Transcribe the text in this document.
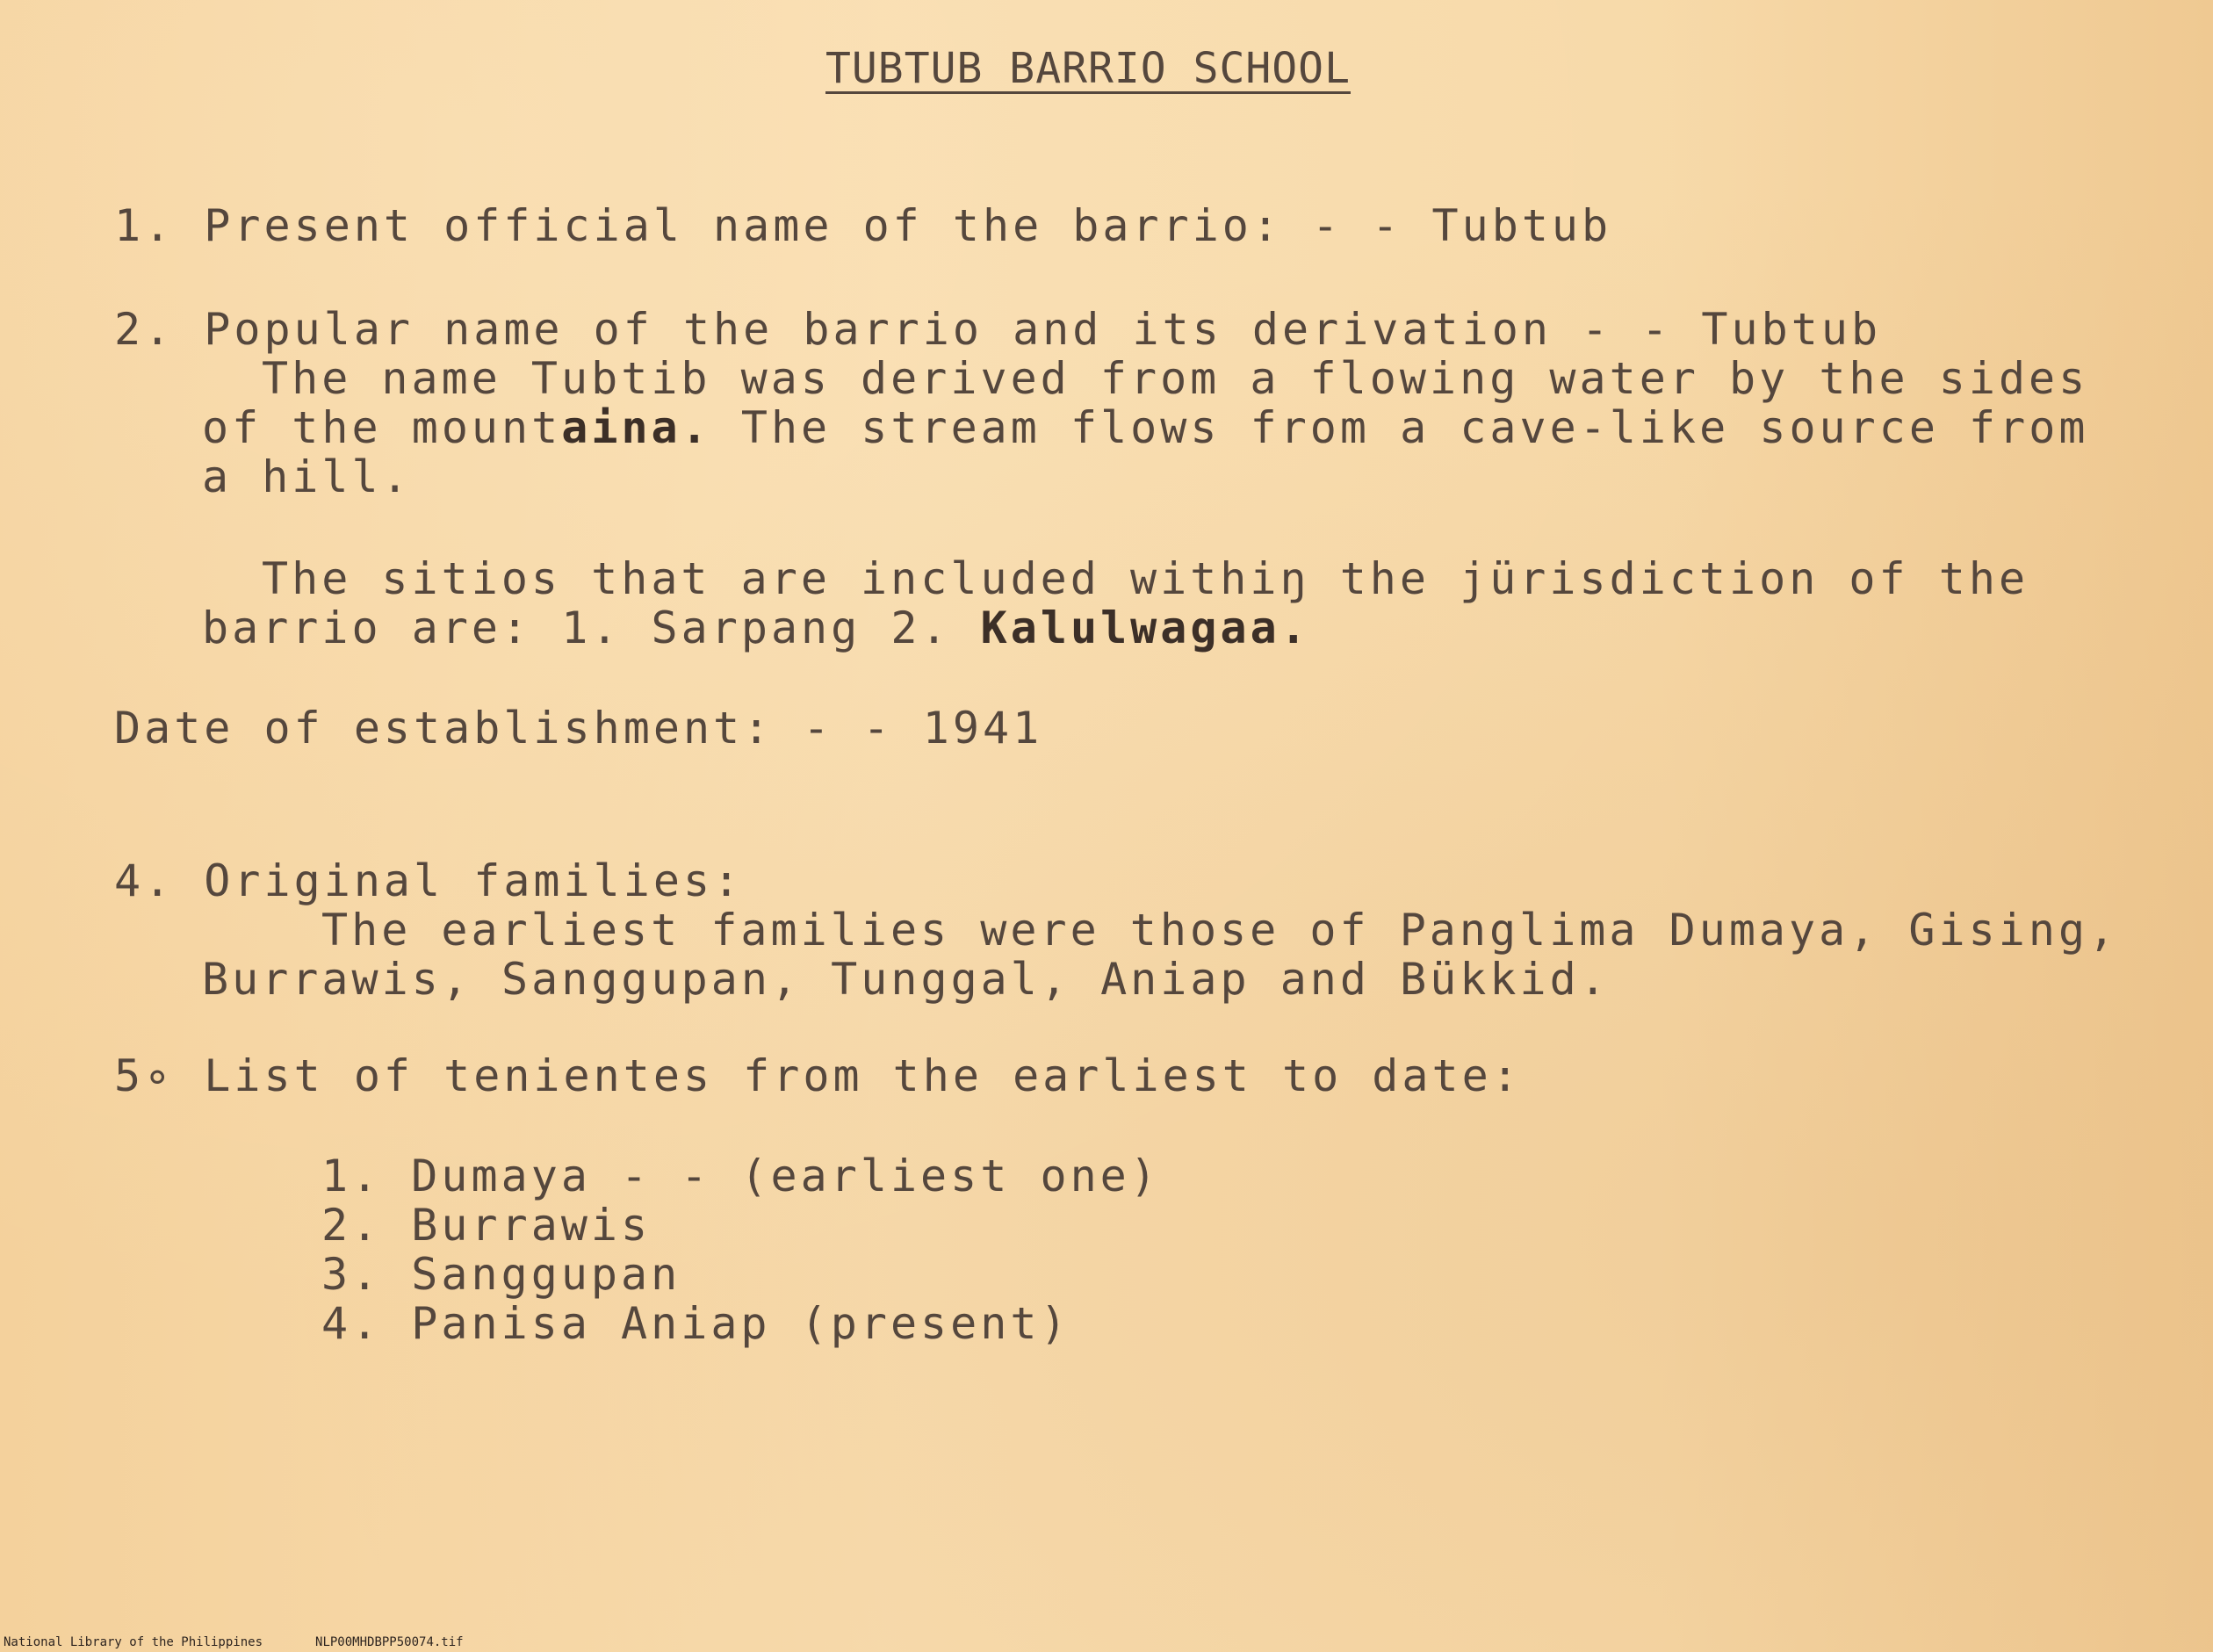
TUBTUB BARRIO SCHOOL
1. Present official name of the barrio: - - Tubtub
2. Popular name of the barrio and its derivation - - Tubtub
The name Tubtib was derived from a flowing water by the sides
of the mountaina. The stream flows from a cave-like source from
a hill.
The sitios that are included withiŋ the jürisdiction of the
barrio are: 1. Sarpang 2. Kalulwagaa.
Date of establishment: - - 1941
4. Original families:
The earliest families were those of Panglima Dumaya, Gising,
Burrawis, Sanggupan, Tunggal, Aniap and Bükkid.
5∘ List of tenientes from the earliest to date:
1. Dumaya - - (earliest one)
2. Burrawis
3. Sanggupan
4. Panisa Aniap (present)
National Library of the Philippines	NLP00MHDBPP50074.tif
